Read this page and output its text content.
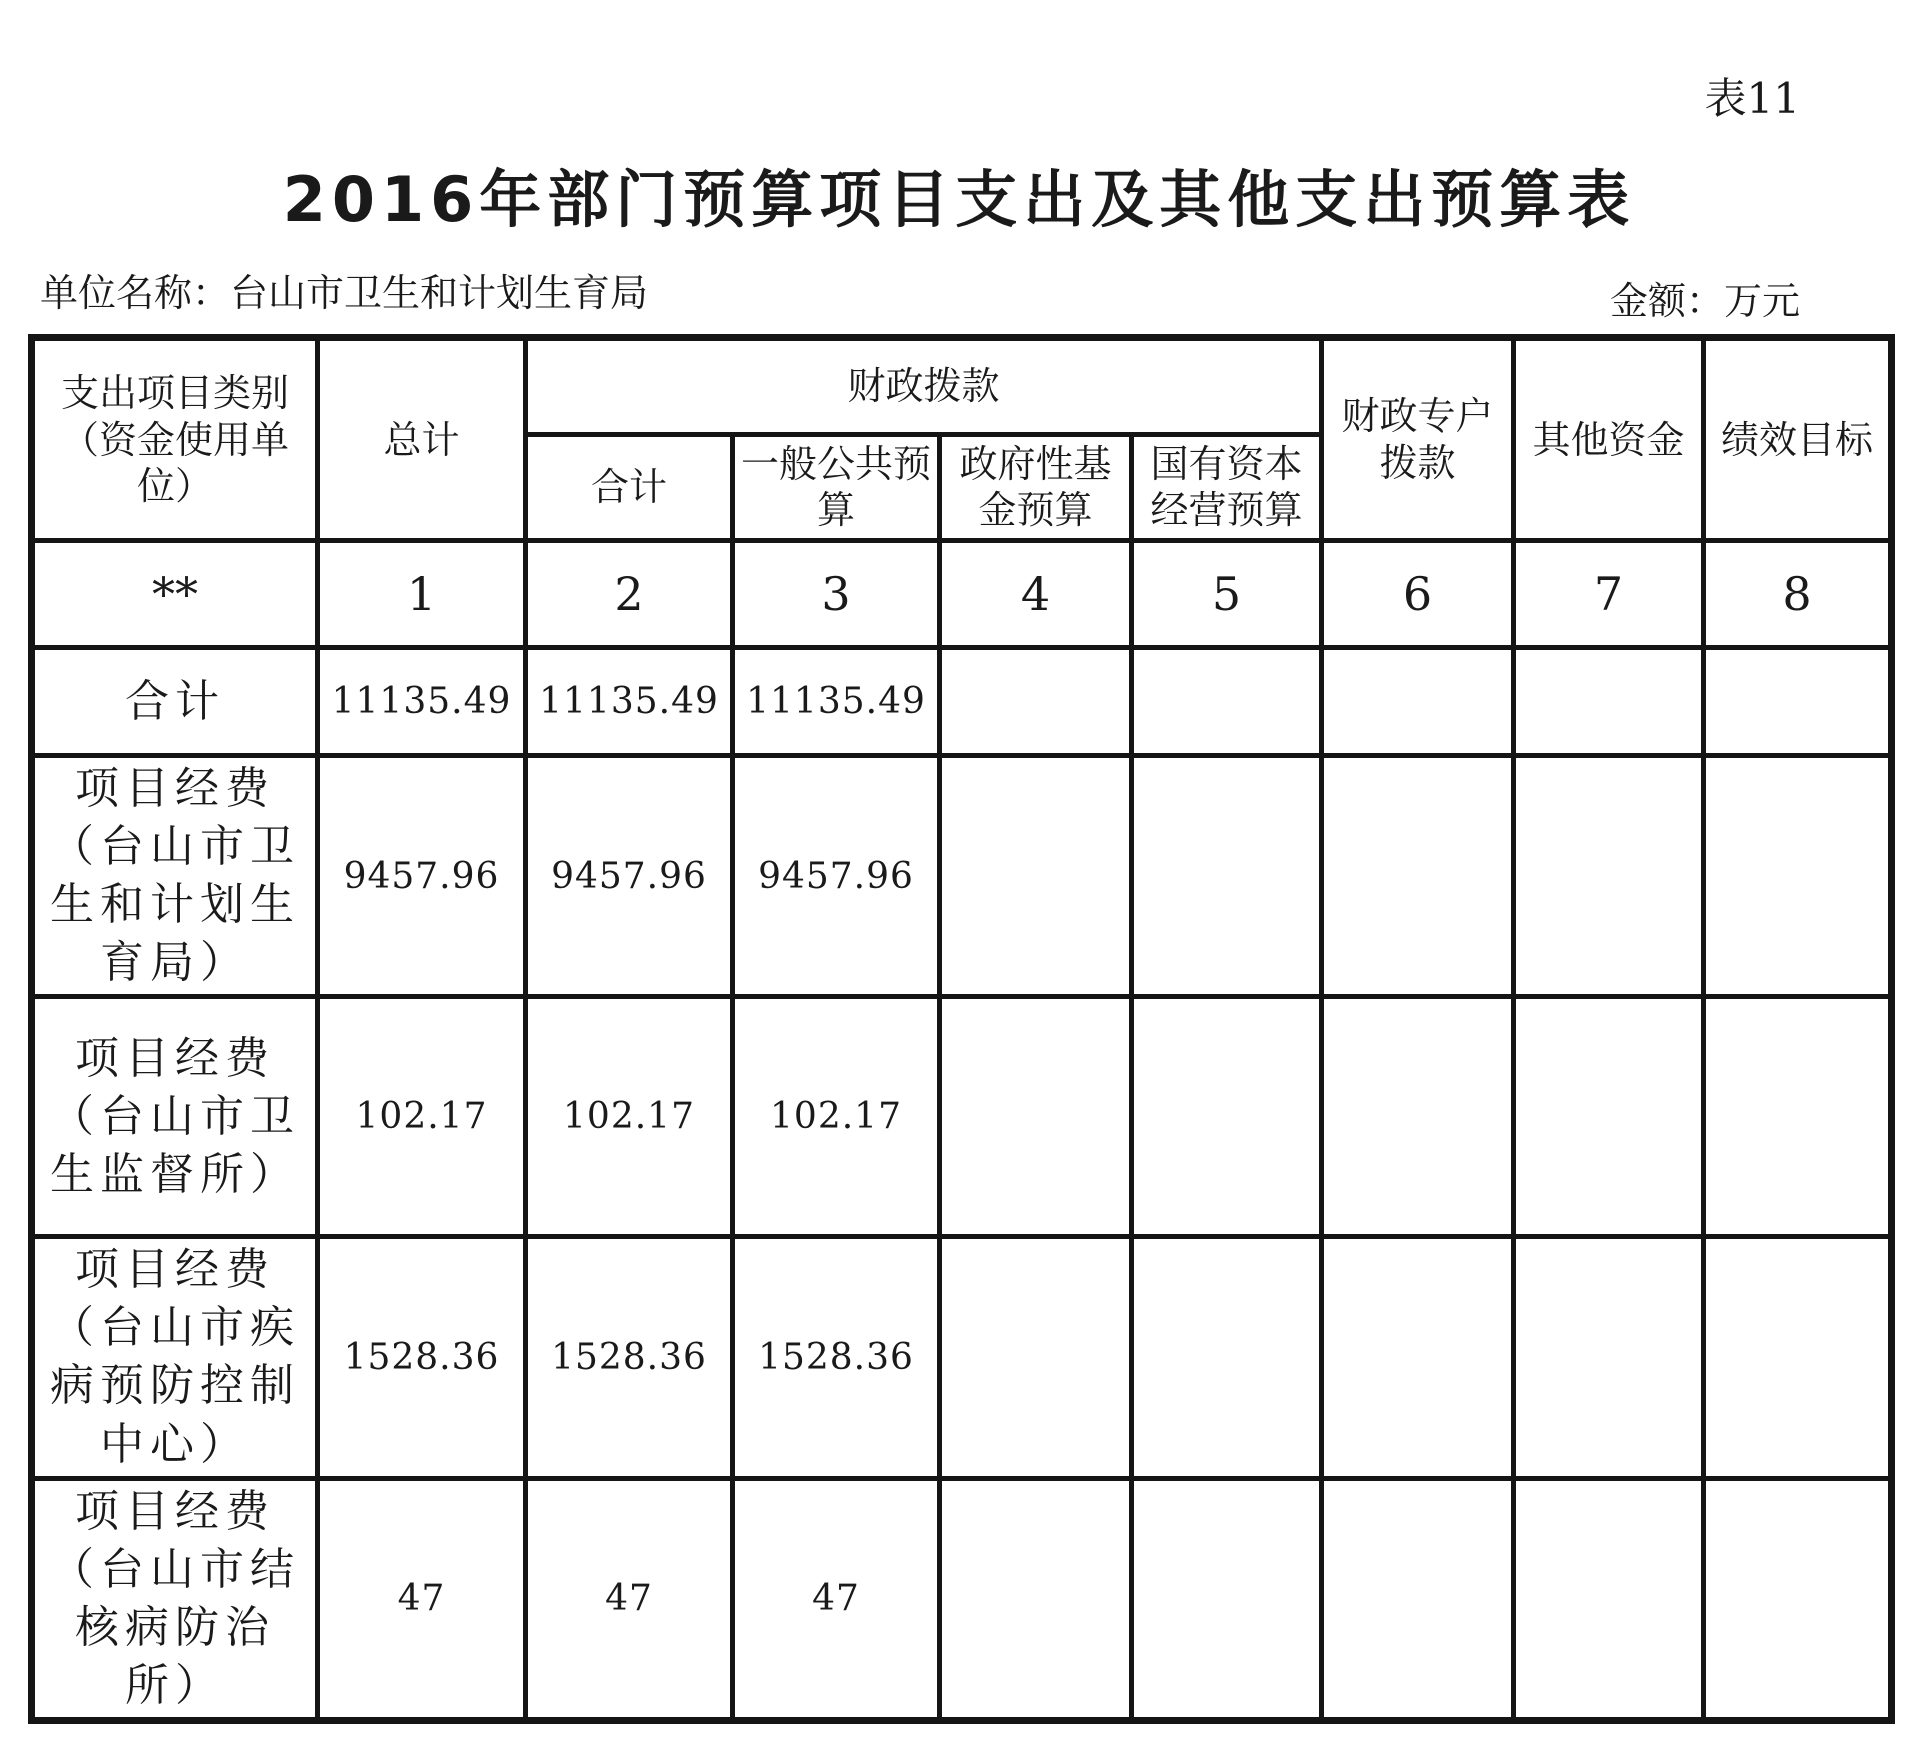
表11
2016年部门预算项目支出及其他支出预算表
单位名称：台山市卫生和计划生育局	金额：万元
支出项目类别（资金使用单位）	总计	财政拨款				财政专户拨款	其他资金	绩效目标
		合计	一般公共预算	政府性基金预算	国有资本经营预算			
**	1	2	3	4	5	6	7	8
合计	11135.49	11135.49	11135.49					
项目经费（台山市卫生和计划生育局）	9457.96	9457.96	9457.96					
项目经费（台山市卫生监督所）	102.17	102.17	102.17					
项目经费（台山市疾病预防控制中心）	1528.36	1528.36	1528.36					
项目经费（台山市结核病防治所）	47	47	47					
